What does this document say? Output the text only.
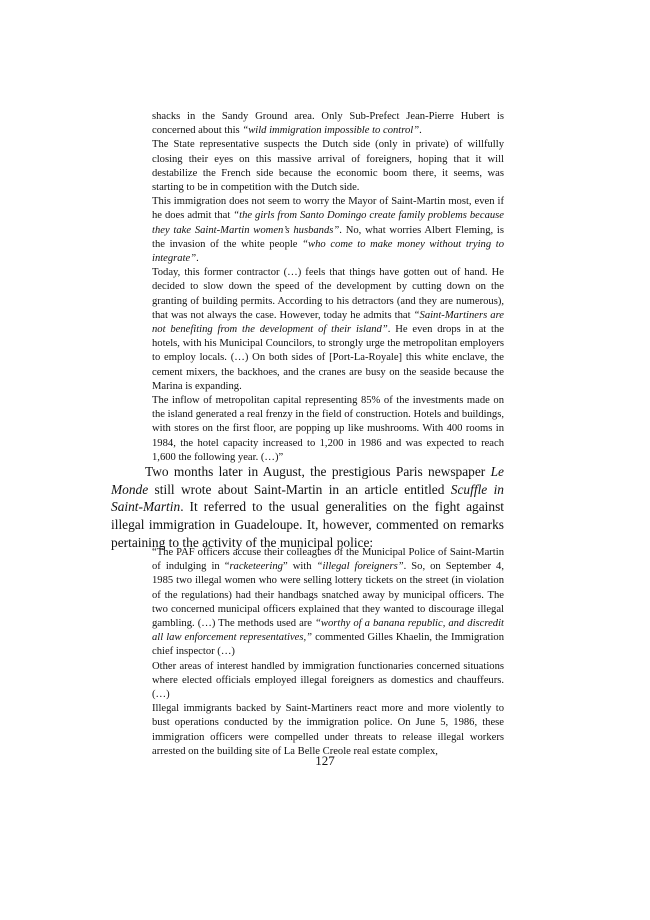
shacks in the Sandy Ground area. Only Sub-Prefect Jean-Pierre Hubert is concerned about this “wild immigration impossible to control”.

The State representative suspects the Dutch side (only in private) of willfully closing their eyes on this massive arrival of foreigners, hoping that it will destabilize the French side because the economic boom there, it seems, was starting to be in competition with the Dutch side.

This immigration does not seem to worry the Mayor of Saint-Martin most, even if he does admit that “the girls from Santo Domingo create family problems because they take Saint-Martin women’s husbands”. No, what worries Albert Fleming, is the invasion of the white people “who come to make money without trying to integrate”.

Today, this former contractor (…) feels that things have gotten out of hand. He decided to slow down the speed of the development by cutting down on the granting of building permits. According to his detractors (and they are numerous), that was not always the case. However, today he admits that “Saint-Martiners are not benefiting from the development of their island”. He even drops in at the hotels, with his Municipal Councilors, to strongly urge the metropolitan employers to employ locals. (…) On both sides of [Port-La-Royale] this white enclave, the cement mixers, the backhoes, and the cranes are busy on the seaside because the Marina is expanding.

The inflow of metropolitan capital representing 85% of the investments made on the island generated a real frenzy in the field of construction. Hotels and buildings, with stores on the first floor, are popping up like mushrooms. With 400 rooms in 1984, the hotel capacity increased to 1,200 in 1986 and was expected to reach 1,600 the following year. (…)”

Two months later in August, the prestigious Paris newspaper Le Monde still wrote about Saint-Martin in an article entitled Scuffle in Saint-Martin. It referred to the usual generalities on the fight against illegal immigration in Guadeloupe. It, however, commented on remarks pertaining to the activity of the municipal police:

“The PAF officers accuse their colleagues of the Municipal Police of Saint-Martin of indulging in “racketeering” with “illegal foreigners”. So, on September 4, 1985 two illegal women who were selling lottery tickets on the street (in violation of the regulations) had their handbags snatched away by municipal officers. The two concerned municipal officers explained that they wanted to discourage illegal gambling. (…) The methods used are “worthy of a banana republic, and discredit all law enforcement representatives,” commented Gilles Khaelin, the Immigration chief inspector (…)

Other areas of interest handled by immigration functionaries concerned situations where elected officials employed illegal foreigners as domestics and chauffeurs. (…)

Illegal immigrants backed by Saint-Martiners react more and more violently to bust operations conducted by the immigration police. On June 5, 1986, these immigration officers were compelled under threats to release illegal workers arrested on the building site of La Belle Creole real estate complex,

127
